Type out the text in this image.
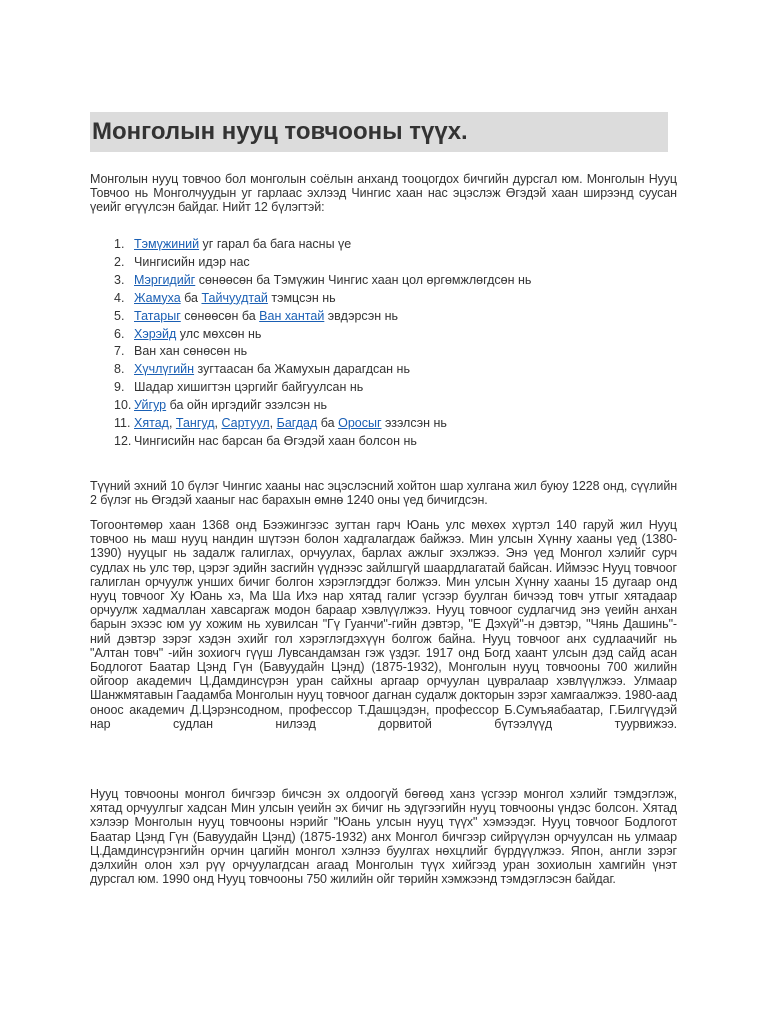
Монголын нууц товчооны түүх.

Монголын нууц товчоо бол монголын соёлын анханд тооцогдох бичгийн дурсгал юм. Монголын Нууц Товчоо нь Монголчуудын уг гарлаас эхлээд Чингис хаан нас эцэслэж Өгэдэй хаан ширээнд суусан үеийг өгүүлсэн байдаг. Нийт 12 бүлэгтэй:

1. Тэмүжиний уг гарал ба бага насны үе
2. Чингисийн идэр нас
3. Мэргидийг сөнөөсөн ба Тэмүжин Чингис хаан цол өргөмжлөгдсөн нь
4. Жамуха ба Тайчуудтай тэмцсэн нь
5. Татарыг сөнөөсөн ба Ван хантай эвдэрсэн нь
6. Хэрэйд улс мөхсөн нь
7. Ван хан сөнөсөн нь
8. Хүчлүгийн зугтаасан ба Жамухын дарагдсан нь
9. Шадар хишигтэн цэргийг байгуулсан нь
10. Уйгур ба ойн иргэдийг эзэлсэн нь
11. Хятад, Тангуд, Сартуул, Багдад ба Оросыг эзэлсэн нь
12. Чингисийн нас барсан ба Өгэдэй хаан болсон нь

Түүний эхний 10 бүлэг Чингис хааны нас эцэслэсний хойтон шар хулгана жил буюу 1228 онд, сүүлийн 2 бүлэг нь Өгэдэй хааныг нас барахын өмнө 1240 оны үед бичигдсэн.

Тогоонтөмөр хаан 1368 онд Бээжингээс зугтан гарч Юань улс мөхөх хүртэл 140 гаруй жил Нууц товчоо нь маш нууц нандин шүтээн болон хадгалагдаж байжээ. Мин улсын Хүнну хааны үед (1380-1390) нууцыг нь задалж галиглах, орчуулах, барлах ажлыг эхэлжээ. Энэ үед Монгол хэлийг сурч судлах нь улс төр, цэрэг эдийн засгийн үүднээс зайлшгүй шаардлагатай байсан. Иймээс Нууц товчоог галиглан орчуулж унших бичиг болгон хэрэглэгддэг болжээ. Мин улсын Хүнну хааны 15 дугаар онд нууц товчоог Ху Юань хэ, Ма Ша Ихэ нар хятад галиг үсгээр буулган бичээд товч утгыг хятадаар орчуулж хадмаллан хавсаргаж модон бараар хэвлүүлжээ. Нууц товчоог судлагчид энэ үеийн анхан барын эхээс юм уу хожим нь хувилсан "Гү Гуанчи"-гийн дэвтэр, "Е Дэхүй"-н дэвтэр, "Чянь Дашинь"-ний дэвтэр зэрэг хэдэн эхийг гол хэрэглэгдэхүүн болгож байна. Нууц товчоог анх судлаачийг нь "Алтан товч" -ийн зохиогч гүүш Лувсандамзан гэж үздэг. 1917 онд Богд хаант улсын дэд сайд асан Бодлогот Баатар Цэнд Гүн (Бавуудайн Цэнд) (1875-1932), Монголын нууц товчооны 700 жилийн ойгоор академич Ц.Дамдинсүрэн уран сайхны аргаар орчуулан цувралаар хэвлүүлжээ. Улмаар Шанжмятавын Гаадамба Монголын нууц товчоог дагнан судалж докторын зэрэг хамгаалжээ. 1980-аад оноос академич Д.Цэрэнсодном, профессор Т.Дашцэдэн, профессор Б.Сумъяабаатар, Г.Билгүүдэй нар судлан нилээд дорвитой бүтээлүүд туурвижээ.

Нууц товчооны монгол бичгээр бичсэн эх олдоогүй бөгөөд ханз үсгээр монгол хэлийг тэмдэглэж, хятад орчуулгыг хадсан Мин улсын үеийн эх бичиг нь эдүгээгийн нууц товчооны үндэс болсон. Хятад хэлээр Монголын нууц товчооны нэрийг "Юань улсын нууц түүх" хэмээдэг. Нууц товчоог Бодлогот Баатар Цэнд Гүн (Бавуудайн Цэнд) (1875-1932) анх Монгол бичгээр сийрүүлэн орчуулсан нь улмаар Ц.Дамдинсүрэнгийн орчин цагийн монгол хэлнээ буулгах нөхцлийг бүрдүүлжээ. Япон, англи зэрэг дэлхийн олон хэл рүү орчуулагдсан агаад Монголын түүх хийгээд уран зохиолын хамгийн үнэт дурсгал юм. 1990 онд Нууц товчооны 750 жилийн ойг төрийн хэмжээнд тэмдэглэсэн байдаг.
